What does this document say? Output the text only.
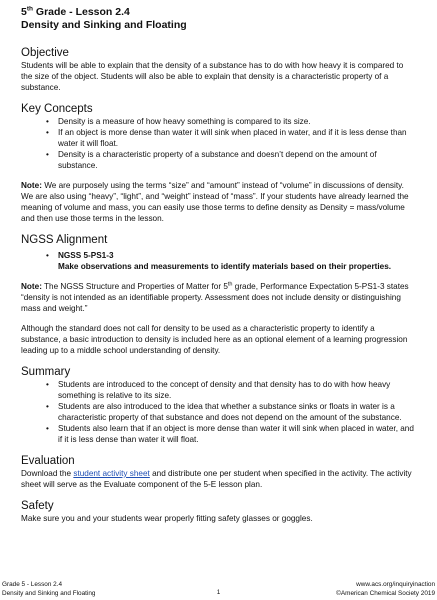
5th Grade - Lesson 2.4
Density and Sinking and Floating
Objective

Students will be able to explain that the density of a substance has to do with how heavy it is compared to the size of the object. Students will also be able to explain that density is a characteristic property of a substance.

Key Concepts
• Density is a measure of how heavy something is compared to its size.
• If an object is more dense than water it will sink when placed in water, and if it is less dense than water it will float.
• Density is a characteristic property of a substance and doesn’t depend on the amount of substance.

Note: We are purposely using the terms “size” and “amount” instead of “volume” in discussions of density. We are also using “heavy”, “light”, and “weight” instead of “mass”. If your students have already learned the meaning of volume and mass, you can easily use those terms to define density as Density = mass/volume and then use those terms in the lesson.

NGSS Alignment
• NGSS 5-PS1-3
Make observations and measurements to identify materials based on their properties.

Note: The NGSS Structure and Properties of Matter for 5th grade, Performance Expectation 5-PS1-3 states “density is not intended as an identifiable property. Assessment does not include density or distinguishing mass and weight.”

Although the standard does not call for density to be used as a characteristic property to identify a substance, a basic introduction to density is included here as an optional element of a learning progression leading up to a middle school understanding of density.

Summary
• Students are introduced to the concept of density and that density has to do with how heavy something is relative to its size.
• Students are also introduced to the idea that whether a substance sinks or floats in water is a characteristic property of that substance and does not depend on the amount of the substance.
• Students also learn that if an object is more dense than water it will sink when placed in water, and if it is less dense than water it will float.
Evaluation

Download the student activity sheet and distribute one per student when specified in the activity. The activity sheet will serve as the Evaluate component of the 5-E lesson plan.

Safety

Make sure you and your students wear properly fitting safety glasses or goggles.

Grade 5 - Lesson 2.4
Density and Sinking and Floating	1
www.acs.org/inquiryinaction
©American Chemical Society 2019
